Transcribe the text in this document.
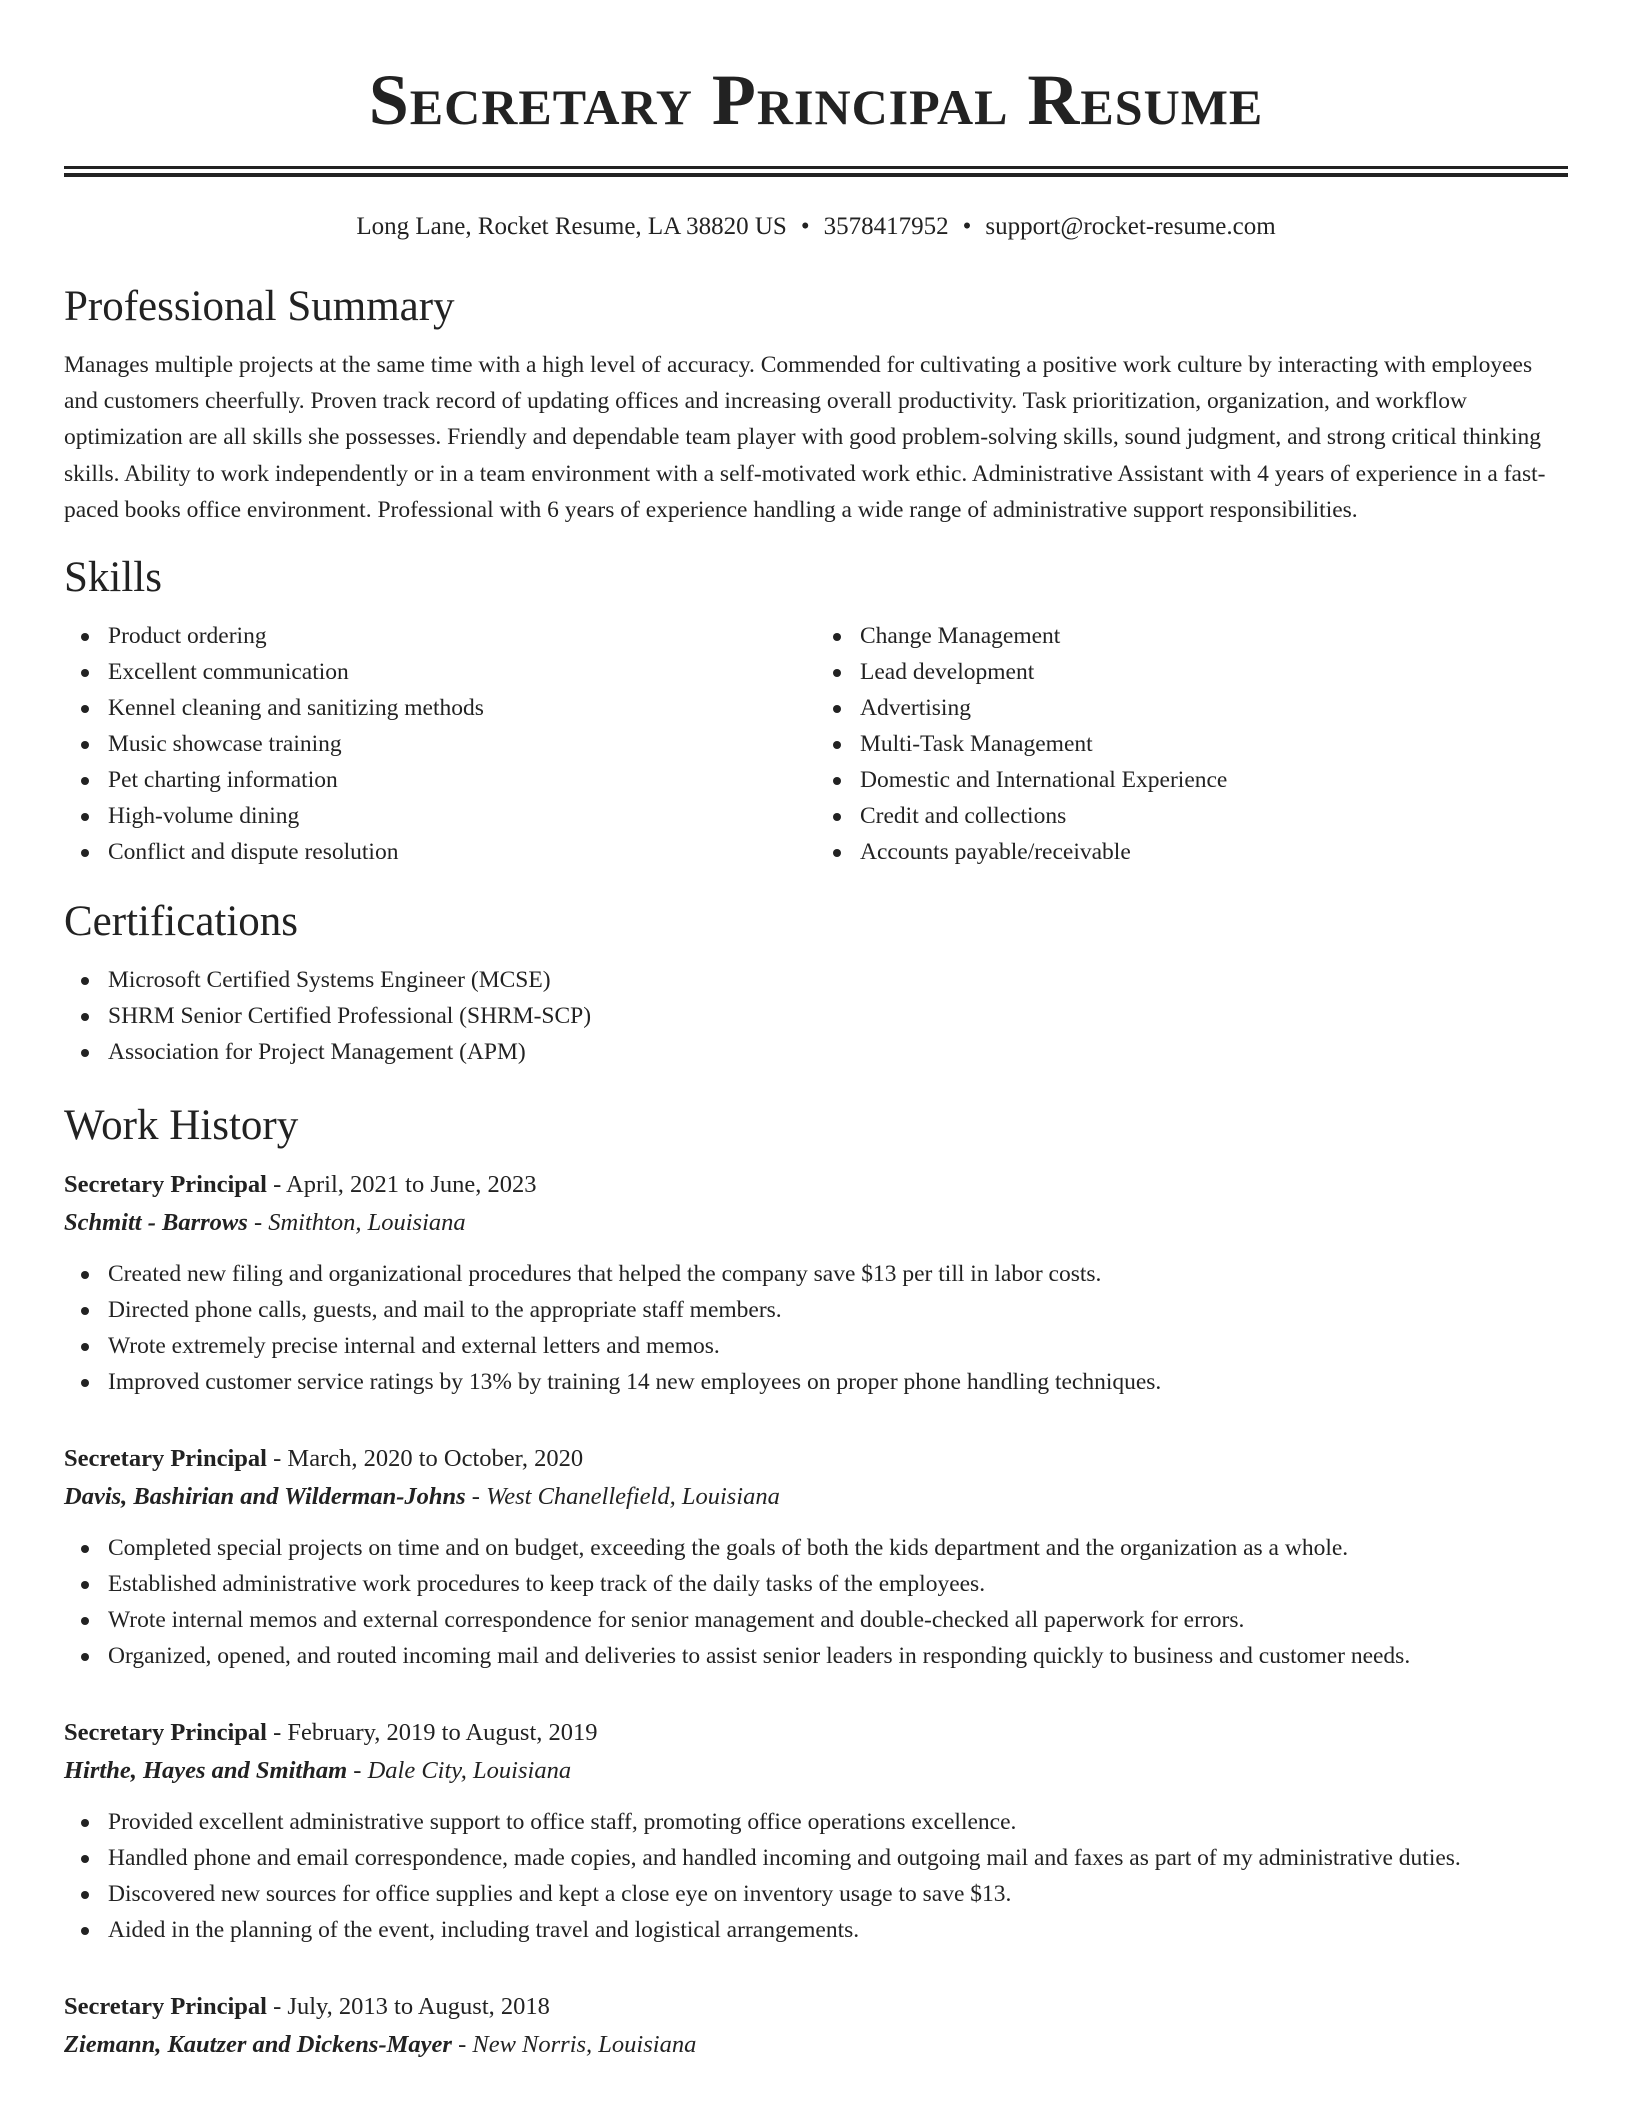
Secretary Principal Resume
Long Lane, Rocket Resume, LA 38820 US • 3578417952 • support@rocket-resume.com
Professional Summary

Manages multiple projects at the same time with a high level of accuracy. Commended for cultivating a positive work culture by interacting with employees and customers cheerfully. Proven track record of updating offices and increasing overall productivity. Task prioritization, organization, and workflow optimization are all skills she possesses. Friendly and dependable team player with good problem-solving skills, sound judgment, and strong critical thinking skills. Ability to work independently or in a team environment with a self-motivated work ethic. Administrative Assistant with 4 years of experience in a fast-paced books office environment. Professional with 6 years of experience handling a wide range of administrative support responsibilities.

Skills
Product ordering
Excellent communication
Kennel cleaning and sanitizing methods
Music showcase training
Pet charting information
High-volume dining
Conflict and dispute resolution
Change Management
Lead development
Advertising
Multi-Task Management
Domestic and International Experience
Credit and collections
Accounts payable/receivable
Certifications
Microsoft Certified Systems Engineer (MCSE)
SHRM Senior Certified Professional (SHRM-SCP)
Association for Project Management (APM)
Work History
Secretary Principal - April, 2021 to June, 2023
Schmitt - Barrows - Smithton, Louisiana
Created new filing and organizational procedures that helped the company save $13 per till in labor costs.
Directed phone calls, guests, and mail to the appropriate staff members.
Wrote extremely precise internal and external letters and memos.
Improved customer service ratings by 13% by training 14 new employees on proper phone handling techniques.
Secretary Principal - March, 2020 to October, 2020
Davis, Bashirian and Wilderman-Johns - West Chanellefield, Louisiana
Completed special projects on time and on budget, exceeding the goals of both the kids department and the organization as a whole.
Established administrative work procedures to keep track of the daily tasks of the employees.
Wrote internal memos and external correspondence for senior management and double-checked all paperwork for errors.
Organized, opened, and routed incoming mail and deliveries to assist senior leaders in responding quickly to business and customer needs.
Secretary Principal - February, 2019 to August, 2019
Hirthe, Hayes and Smitham - Dale City, Louisiana
Provided excellent administrative support to office staff, promoting office operations excellence.
Handled phone and email correspondence, made copies, and handled incoming and outgoing mail and faxes as part of my administrative duties.
Discovered new sources for office supplies and kept a close eye on inventory usage to save $13.
Aided in the planning of the event, including travel and logistical arrangements.
Secretary Principal - July, 2013 to August, 2018
Ziemann, Kautzer and Dickens-Mayer - New Norris, Louisiana
